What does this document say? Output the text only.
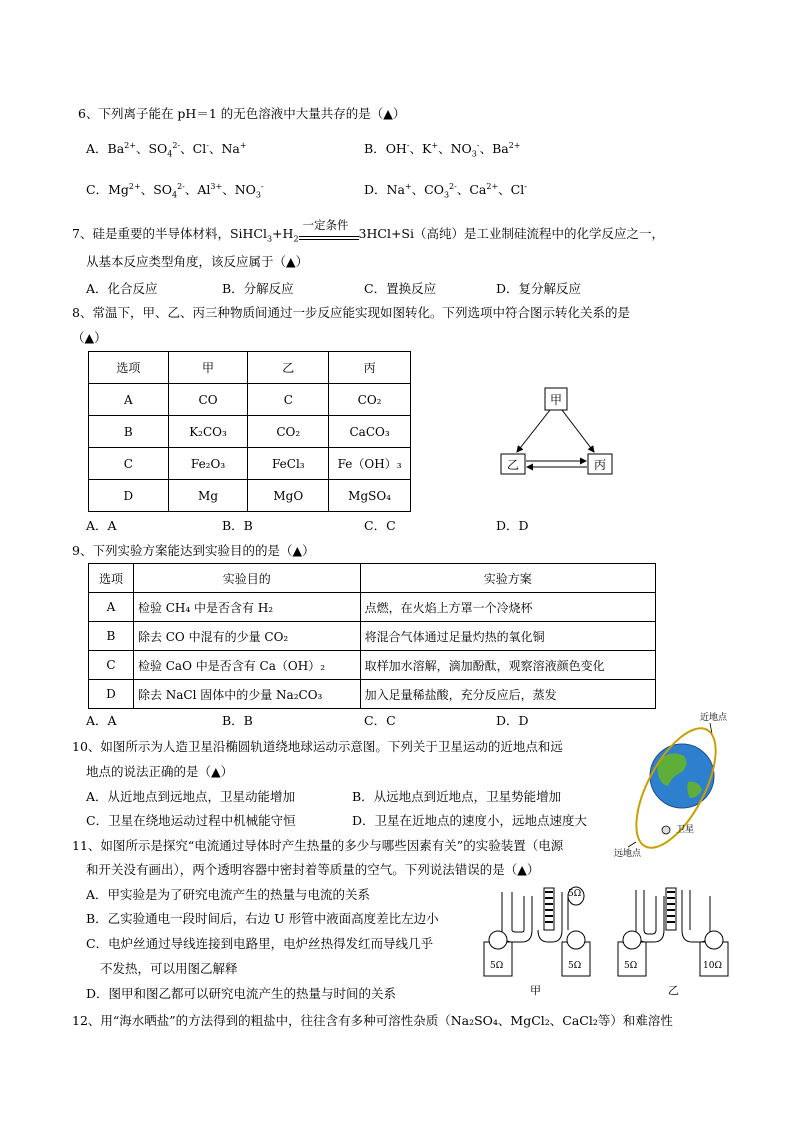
6、下列离子能在 pH＝1 的无色溶液中大量共存的是（▲）
A．$Ba^{2+}$、$SO_4^{2-}$、Cl-、Na+	B．OH-、K+、$NO_3^-$、$Ba^{2+}$
C．$Mg^{2+}$、$SO_4^{2-}$、$Al^{3+}$、$NO_3^-$	D．Na+、$CO_3^{2-}$、$Ca^{2+}$、Cl-
7、硅是重要的半导体材料，$SiHCl_3+H_2$
一定条件
3HCl+Si（高纯）是工业制硅流程中的化学反应之一，
从基本反应类型角度，该反应属于（▲）
A．化合反应	B．分解反应	C．置换反应	D．复分解反应
8、常温下，甲、乙、丙三种物质间通过一步反应能实现如图转化。下列选项中符合图示转化关系的是
（▲）
选项	甲	乙	丙
A	CO	C	CO₂
B	K₂CO₃	CO₂	CaCO₃
C	Fe₂O₃	FeCl₃	Fe（OH）₃
D	Mg	MgO	MgSO₄
甲
乙	丙
A．A	B．B	C．C	D．D
9、下列实验方案能达到实验目的的是（▲）
选项	实验目的	实验方案
A	检验 CH₄ 中是否含有 H₂	点燃，在火焰上方罩一个冷烧杯
B	除去 CO 中混有的少量 CO₂	将混合气体通过足量灼热的氧化铜
C	检验 CaO 中是否含有 Ca（OH）₂	取样加水溶解，滴加酚酞，观察溶液颜色变化
D	除去 NaCl 固体中的少量 Na₂CO₃	加入足量稀盐酸，充分反应后，蒸发
A．A	B．B	C．C	D．D
10、如图所示为人造卫星沿椭圆轨道绕地球运动示意图。下列关于卫星运动的近地点和远
地点的说法正确的是（▲）
A．从近地点到远地点，卫星动能增加	B．从远地点到近地点，卫星势能增加
C．卫星在绕地运动过程中机械能守恒	D．卫星在近地点的速度小，远地点速度大
近地点
卫星
远地点
11、如图所示是探究“电流通过导体时产生热量的多少与哪些因素有关”的实验装置（电源
和开关没有画出），两个透明容器中密封着等质量的空气。下列说法错误的是（▲）
A．甲实验是为了研究电流产生的热量与电流的关系
B．乙实验通电一段时间后，右边 U 形管中液面高度差比左边小
C．电炉丝通过导线连接到电路里，电炉丝热得发红而导线几乎
不发热，可以用图乙解释
D．图甲和图乙都可以研究电流产生的热量与时间的关系
5Ω	5Ω
5Ω
甲
5Ω	10Ω
乙
12、用“海水晒盐”的方法得到的粗盐中，往往含有多种可溶性杂质（Na₂SO₄、MgCl₂、CaCl₂等）和难溶性
